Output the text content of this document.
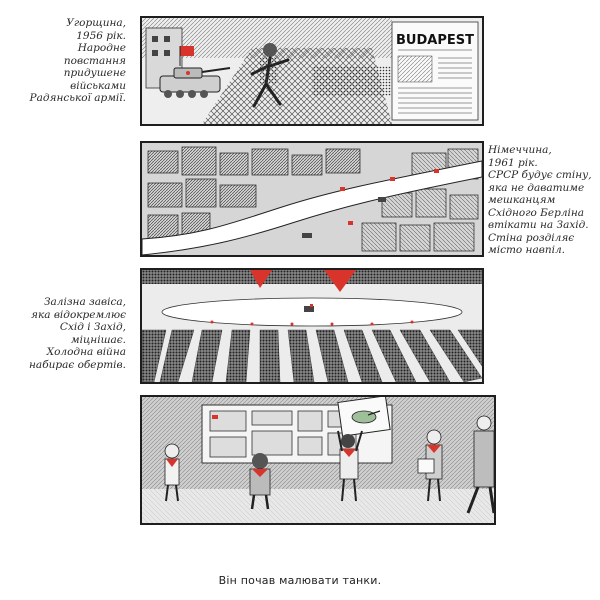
Угорщина,
1956 рік.
Народне
повстання
придушене
військами
Радянської армії.
BUDAPEST
Німеччина,
1961 рік.
СРСР будує стіну,
яка не даватиме
мешканцям
Східного Берліна
втікати на Захід.
Стіна розділяє
місто навпіл.
Залізна завіса,
яка відокремлює
Схід і Захід,
міцнішає.
Холодна війна
набирає обертів.
Він почав малювати танки.
